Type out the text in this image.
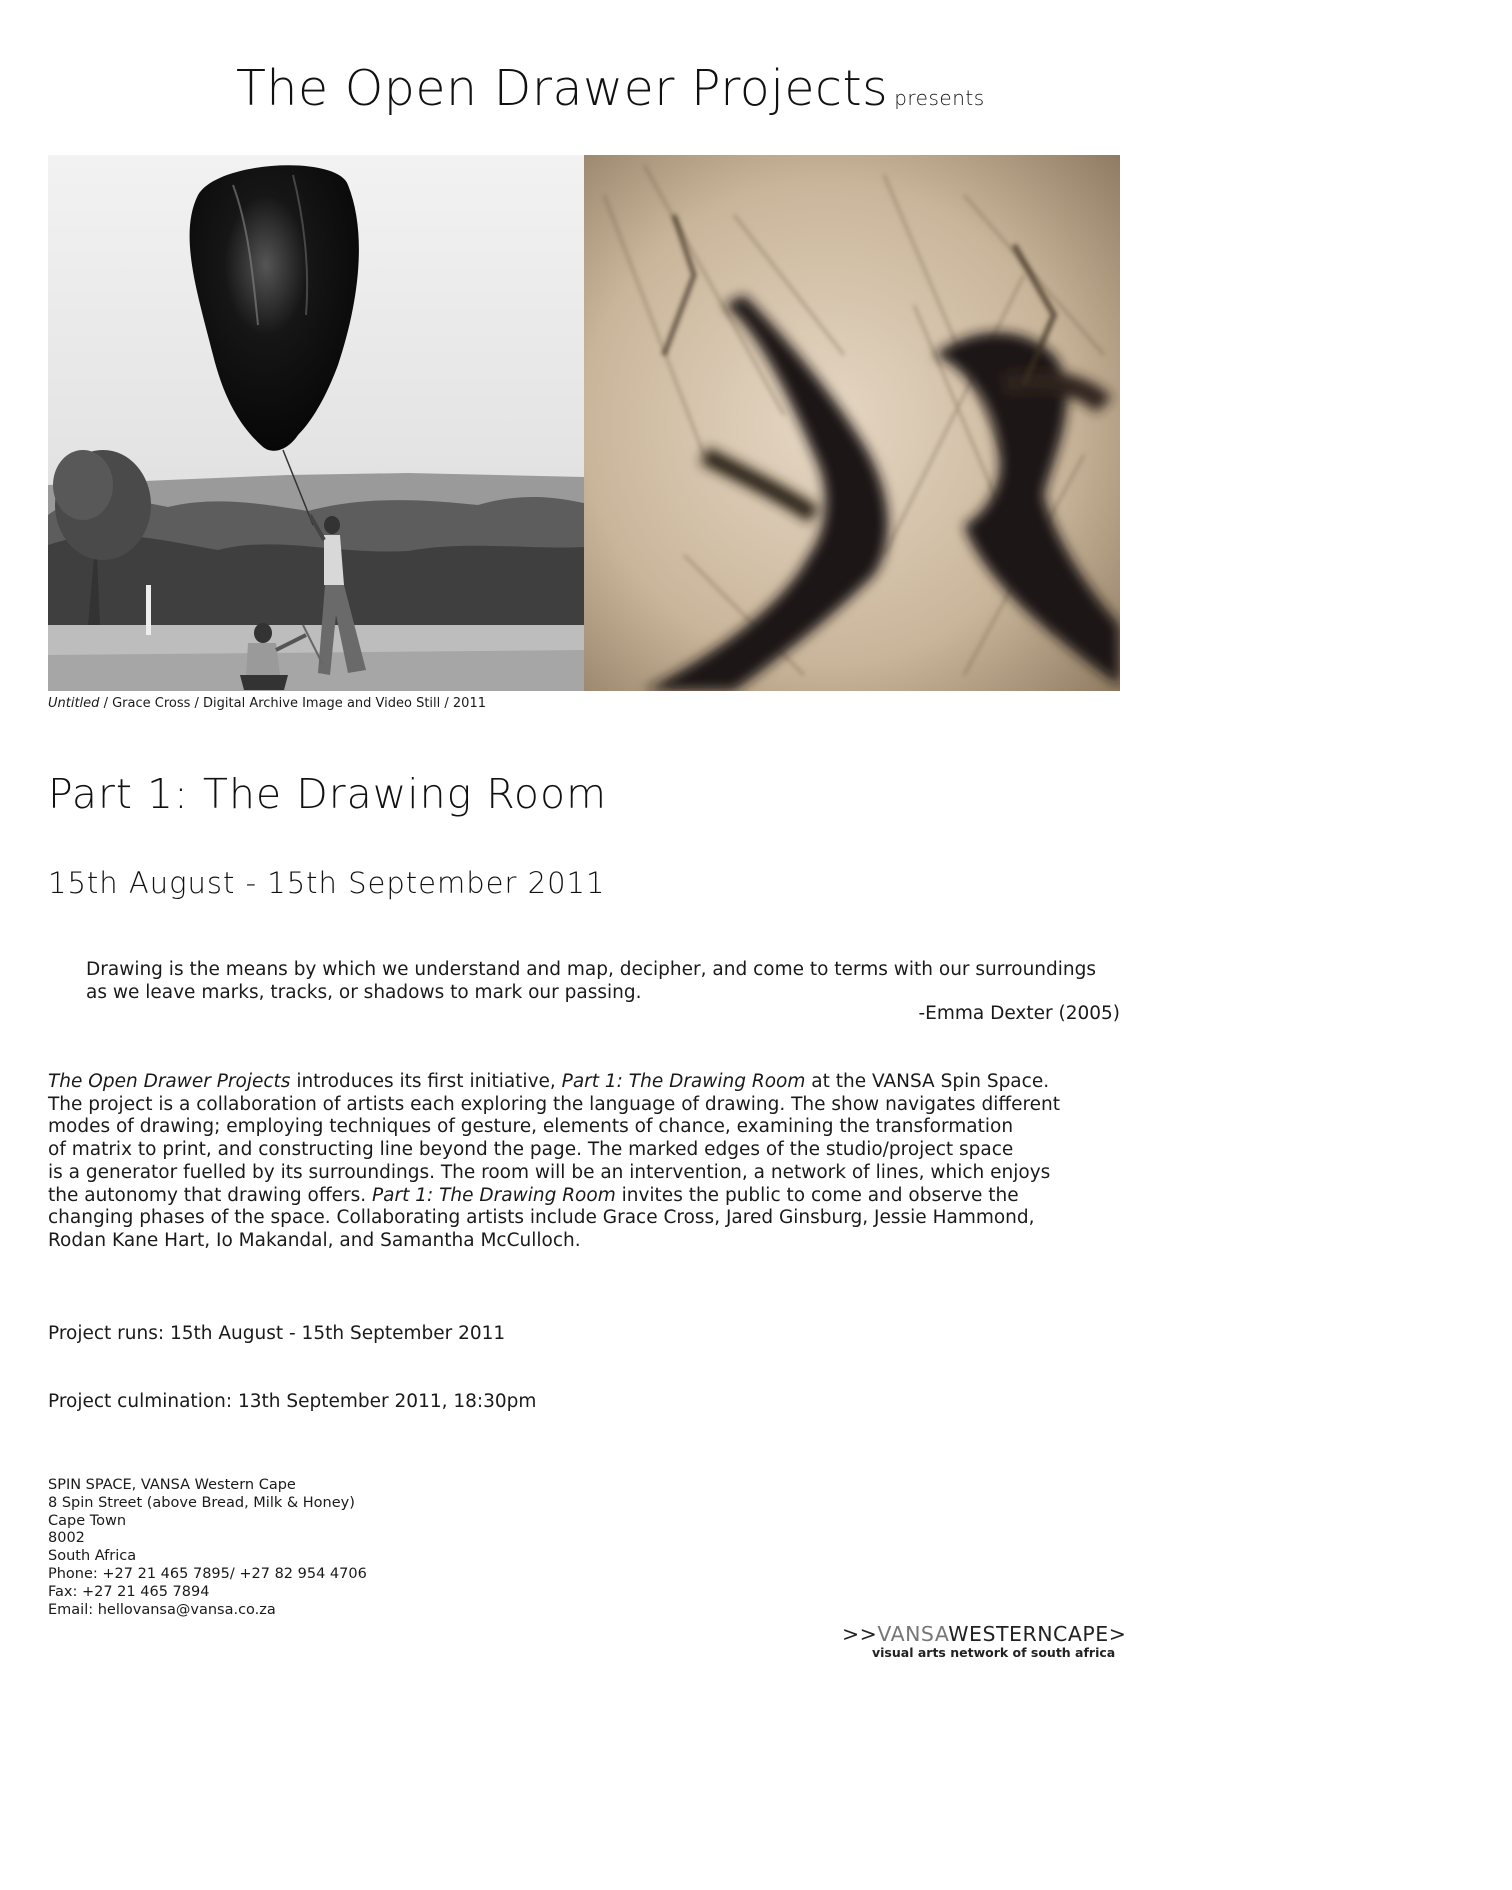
The Open Drawer Projects presents
Untitled / Grace Cross / Digital Archive Image and Video Still / 2011
Part 1: The Drawing Room
15th August - 15th September 2011
Drawing is the means by which we understand and map, decipher, and come to terms with our surroundings as we leave marks, tracks, or shadows to mark our passing.
-Emma Dexter (2005)
The Open Drawer Projects introduces its first initiative, Part 1: The Drawing Room at the VANSA Spin Space.
The project is a collaboration of artists each exploring the language of drawing. The show navigates different
modes of drawing; employing techniques of gesture, elements of chance, examining the transformation
of matrix to print, and constructing line beyond the page. The marked edges of the studio/project space
is a generator fuelled by its surroundings. The room will be an intervention, a network of lines, which enjoys
the autonomy that drawing offers. Part 1: The Drawing Room invites the public to come and observe the
changing phases of the space. Collaborating artists include Grace Cross, Jared Ginsburg, Jessie Hammond,
Rodan Kane Hart, Io Makandal, and Samantha McCulloch.
Project runs: 15th August - 15th September 2011
Project culmination: 13th September 2011, 18:30pm
SPIN SPACE, VANSA Western Cape
8 Spin Street (above Bread, Milk & Honey)
Cape Town
8002
South Africa
Phone: +27 21 465 7895/ +27 82 954 4706
Fax: +27 21 465 7894
Email: hellovansa@vansa.co.za
>>VANSAWESTERNCAPE>
visual arts network of south africa
